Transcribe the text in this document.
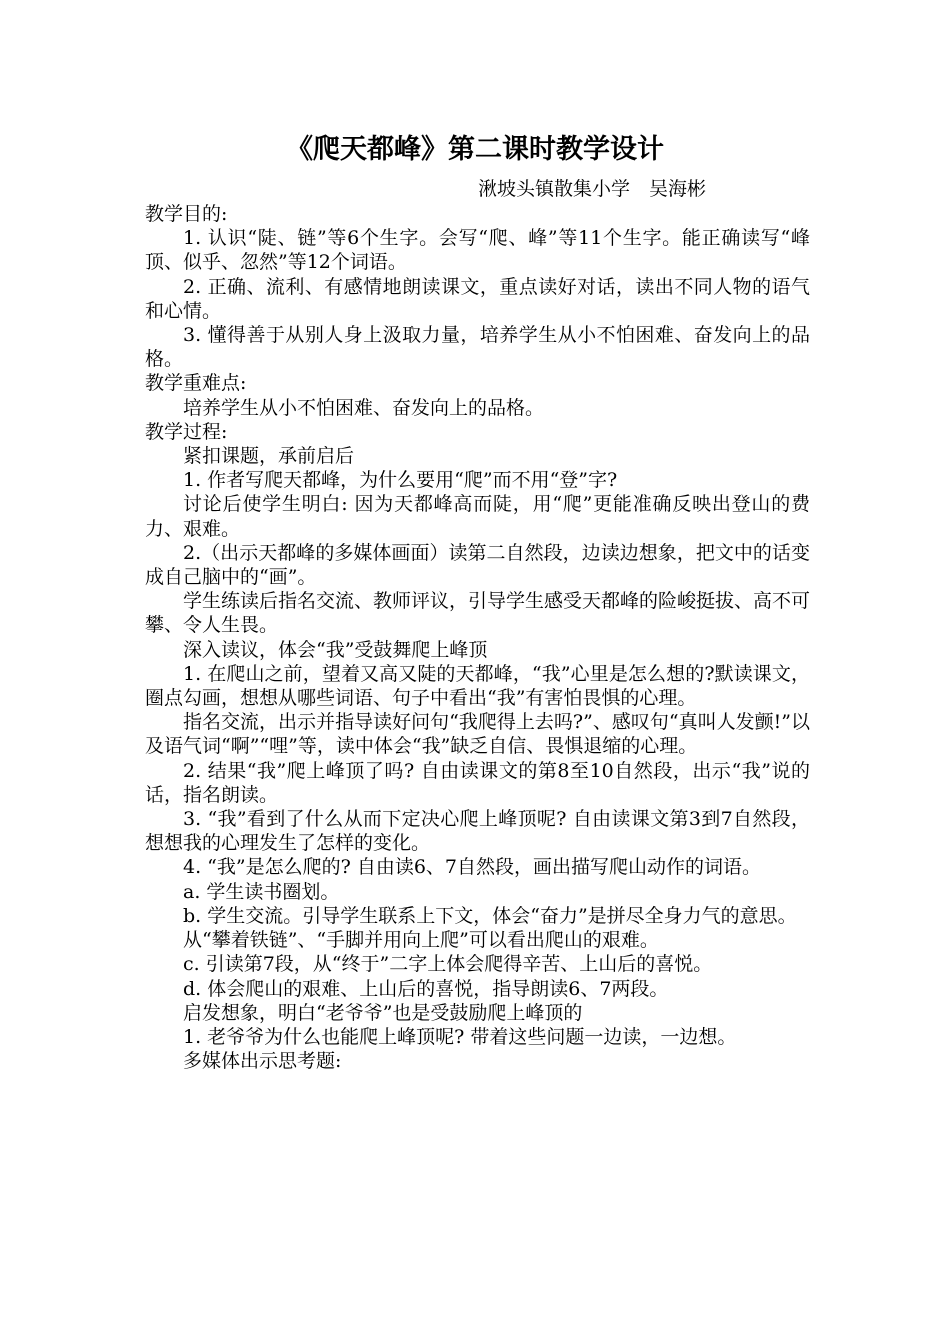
《爬天都峰》第二课时教学设计
湫坡头镇散集小学　吴海彬

教学目的:

1. 认识“陡、链”等6个生字。会写“爬、峰”等11个生字。能正确读写“峰顶、似乎、忽然”等12个词语。

2. 正确、流利、有感情地朗读课文，重点读好对话，读出不同人物的语气和心情。

3. 懂得善于从别人身上汲取力量，培养学生从小不怕困难、奋发向上的品格。

教学重难点:

培养学生从小不怕困难、奋发向上的品格。

教学过程:

紧扣课题，承前启后

1. 作者写爬天都峰，为什么要用“爬”而不用“登”字?

讨论后使学生明白: 因为天都峰高而陡，用“爬”更能准确反映出登山的费力、艰难。

2.（出示天都峰的多媒体画面）读第二自然段，边读边想象，把文中的话变成自己脑中的“画”。

学生练读后指名交流、教师评议，引导学生感受天都峰的险峻挺拔、高不可攀、令人生畏。

深入读议，体会“我”受鼓舞爬上峰顶

1. 在爬山之前，望着又高又陡的天都峰，“我”心里是怎么想的?默读课文，圈点勾画，想想从哪些词语、句子中看出“我”有害怕畏惧的心理。

指名交流，出示并指导读好问句“我爬得上去吗?”、感叹句“真叫人发颤!”以及语气词“啊”“哩”等，读中体会“我”缺乏自信、畏惧退缩的心理。

2. 结果“我”爬上峰顶了吗? 自由读课文的第8至10自然段，出示“我”说的话，指名朗读。

3. “我”看到了什么从而下定决心爬上峰顶呢? 自由读课文第3到7自然段，想想我的心理发生了怎样的变化。

4. “我”是怎么爬的? 自由读6、7自然段，画出描写爬山动作的词语。

a. 学生读书圈划。

b. 学生交流。引导学生联系上下文，体会“奋力”是拼尽全身力气的意思。

从“攀着铁链”、“手脚并用向上爬”可以看出爬山的艰难。

c. 引读第7段，从“终于”二字上体会爬得辛苦、上山后的喜悦。

d. 体会爬山的艰难、上山后的喜悦，指导朗读6、7两段。

启发想象，明白“老爷爷”也是受鼓励爬上峰顶的

1. 老爷爷为什么也能爬上峰顶呢? 带着这些问题一边读，一边想。

多媒体出示思考题:
